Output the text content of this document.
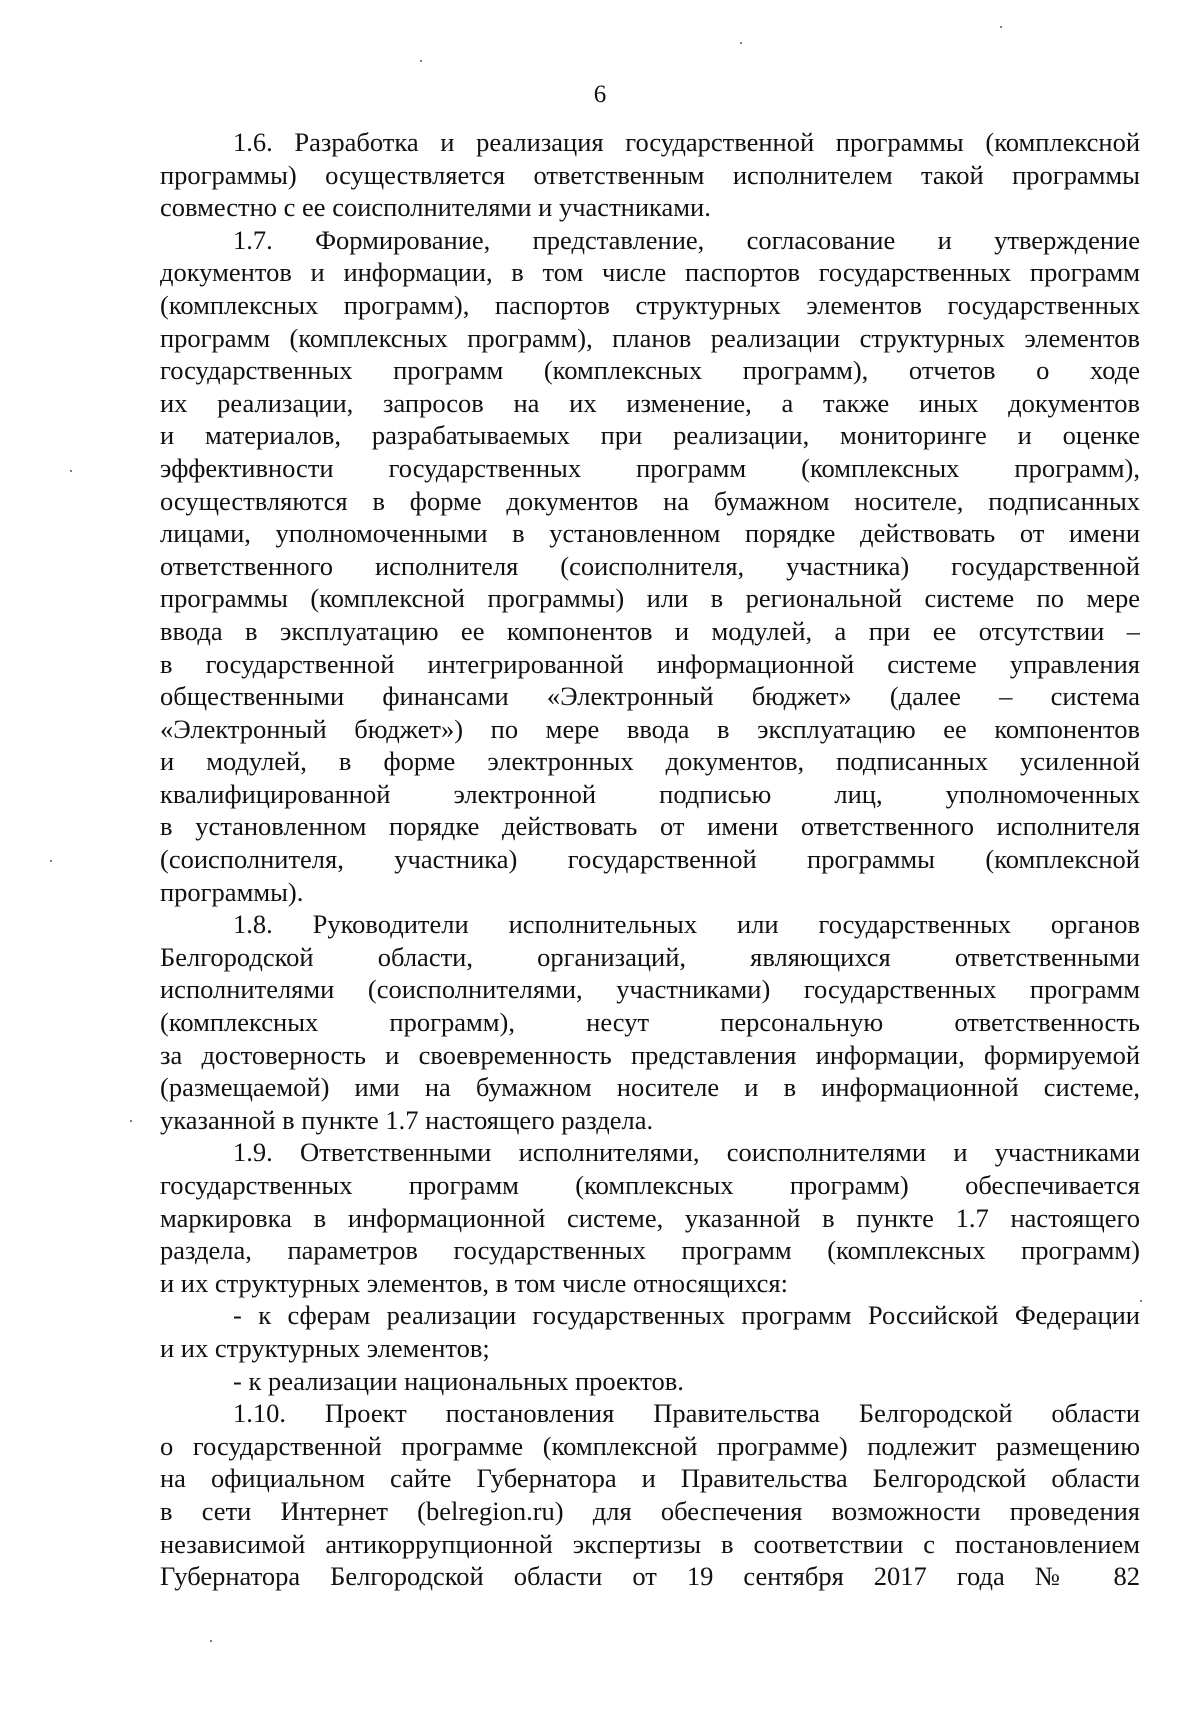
6
1.6. Разработка и реализация государственной программы (комплексной
программы) осуществляется ответственным исполнителем такой программы
совместно с ее соисполнителями и участниками.
1.7. Формирование, представление, согласование и утверждение
документов и информации, в том числе паспортов государственных программ
(комплексных программ), паспортов структурных элементов государственных
программ (комплексных программ), планов реализации структурных элементов
государственных программ (комплексных программ), отчетов о ходе
их реализации, запросов на их изменение, а также иных документов
и материалов, разрабатываемых при реализации, мониторинге и оценке
эффективности государственных программ (комплексных программ),
осуществляются в форме документов на бумажном носителе, подписанных
лицами, уполномоченными в установленном порядке действовать от имени
ответственного исполнителя (соисполнителя, участника) государственной
программы (комплексной программы) или в региональной системе по мере
ввода в эксплуатацию ее компонентов и модулей, а при ее отсутствии –
в государственной интегрированной информационной системе управления
общественными финансами «Электронный бюджет» (далее – система
«Электронный бюджет») по мере ввода в эксплуатацию ее компонентов
и модулей, в форме электронных документов, подписанных усиленной
квалифицированной электронной подписью лиц, уполномоченных
в установленном порядке действовать от имени ответственного исполнителя
(соисполнителя, участника) государственной программы (комплексной
программы).
1.8. Руководители исполнительных или государственных органов
Белгородской области, организаций, являющихся ответственными
исполнителями (соисполнителями, участниками) государственных программ
(комплексных программ), несут персональную ответственность
за достоверность и своевременность представления информации, формируемой
(размещаемой) ими на бумажном носителе и в информационной системе,
указанной в пункте 1.7 настоящего раздела.
1.9. Ответственными исполнителями, соисполнителями и участниками
государственных программ (комплексных программ) обеспечивается
маркировка в информационной системе, указанной в пункте 1.7 настоящего
раздела, параметров государственных программ (комплексных программ)
и их структурных элементов, в том числе относящихся:
- к сферам реализации государственных программ Российской Федерации
и их структурных элементов;
- к реализации национальных проектов.
1.10. Проект постановления Правительства Белгородской области
о государственной программе (комплексной программе) подлежит размещению
на официальном сайте Губернатора и Правительства Белгородской области
в сети Интернет (belregion.ru) для обеспечения возможности проведения
независимой антикоррупционной экспертизы в соответствии с постановлением
Губернатора Белгородской области от 19 сентября 2017 года № 82
